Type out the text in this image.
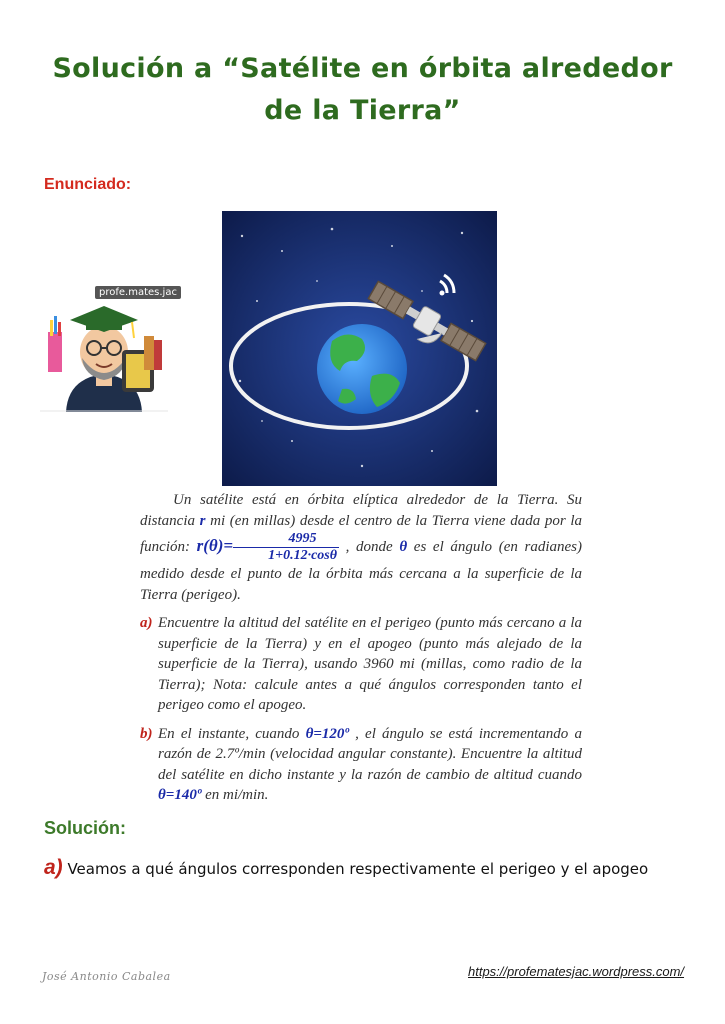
Solución a “Satélite en órbita alrededor de la Tierra”
Enunciado:
profe.mates.jac

Un satélite está en órbita elíptica alrededor de la Tierra. Su distancia r mi (en millas) desde el centro de la Tierra viene dada por la función: $r(\theta)= \frac{4995}{1+0.12\cdot\cos\theta}$ , donde θ es el ángulo (en radianes) medido desde el punto de la órbita más cercana a la superficie de la Tierra (perigeo).

a) Encuentre la altitud del satélite en el perigeo (punto más cercano a la superficie de la Tierra) y en el apogeo (punto más alejado de la superficie de la Tierra), usando 3960 mi (millas, como radio de la Tierra); Nota: calcule antes a qué ángulos corresponden tanto el perigeo como el apogeo.

b) En el instante, cuando θ=120º , el ángulo se está incrementando a razón de 2.7º/min (velocidad angular constante). Encuentre la altitud del satélite en dicho instante y la razón de cambio de altitud cuando θ=140º en mi/min.

Solución:
a) Veamos a qué ángulos corresponden respectivamente el perigeo y el apogeo
José Antonio Cabalea	https://profematesjac.wordpress.com/
